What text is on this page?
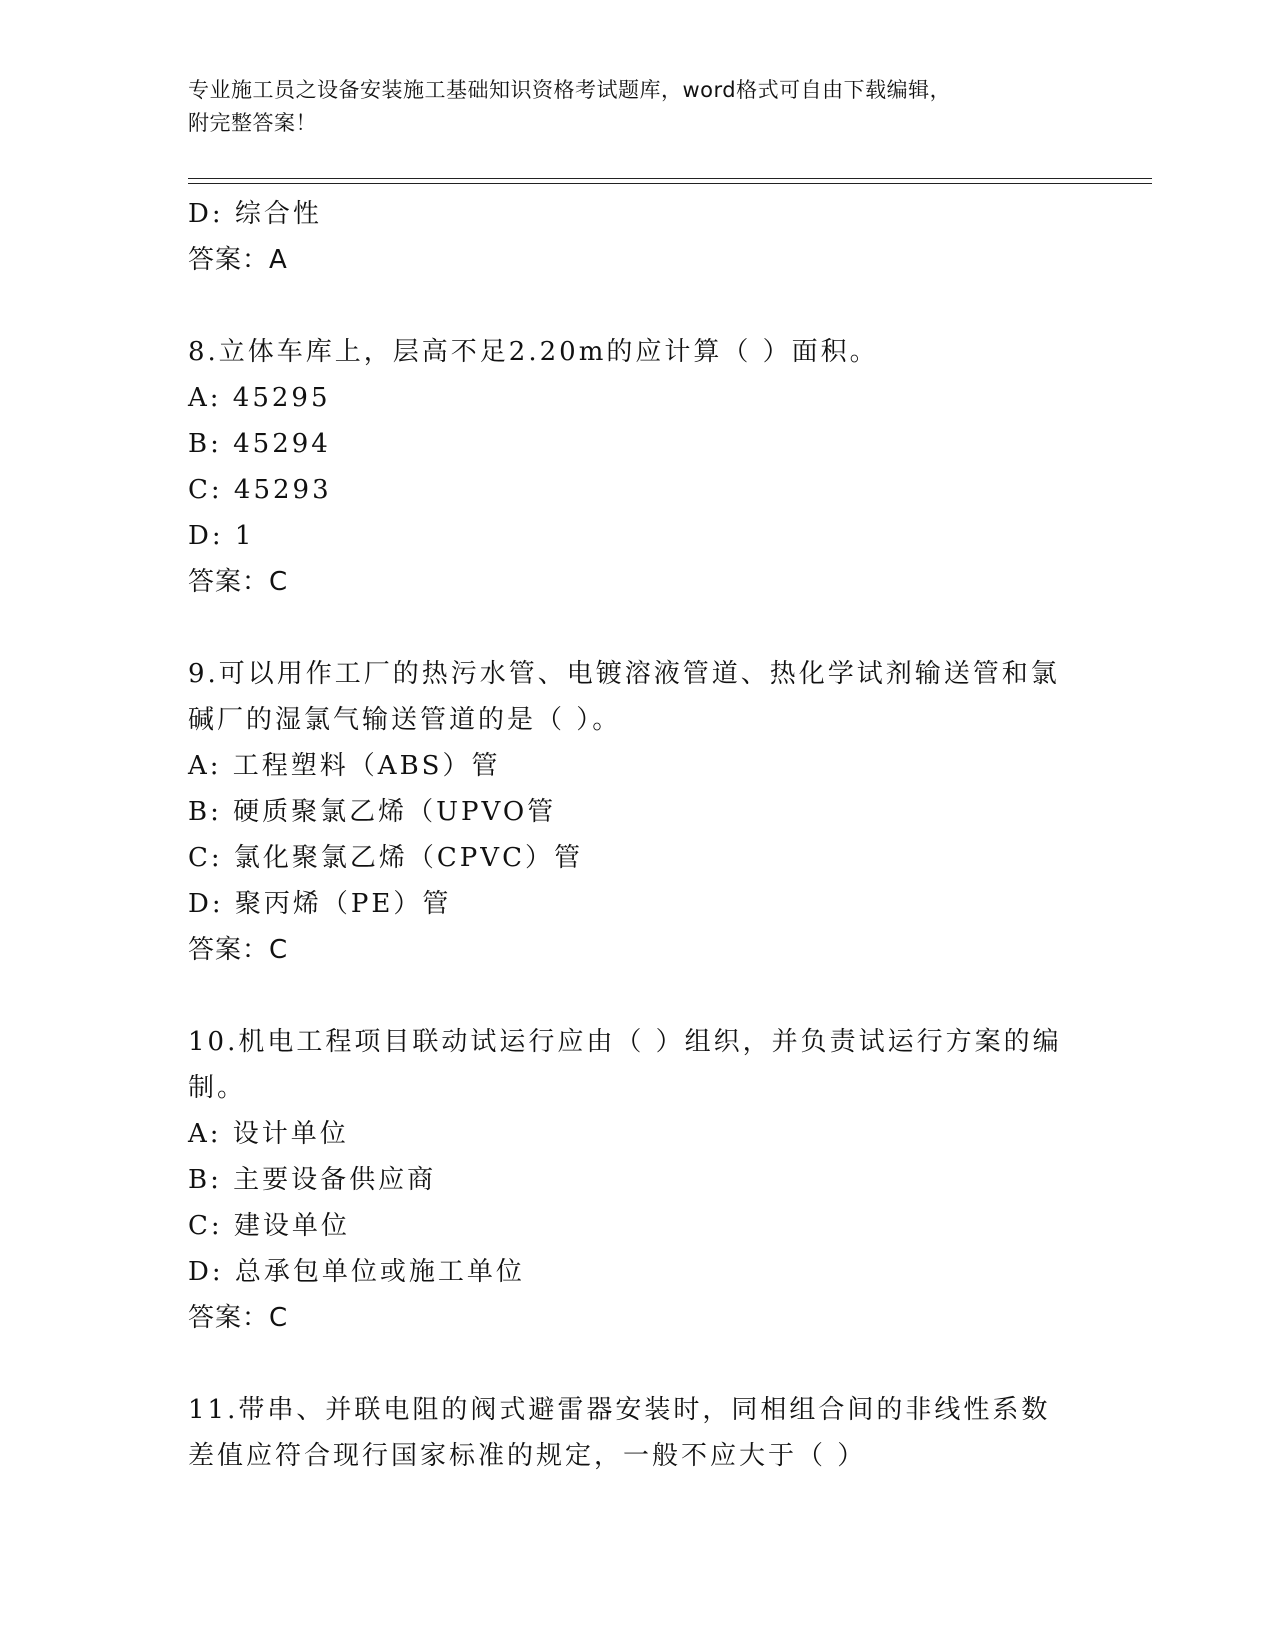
专业施工员之设备安装施工基础知识资格考试题库，word格式可自由下载编辑，
附完整答案！
D: 综合性
答案：A
8.立体车库上，层高不足2.20m的应计算（ ）面积。
A: 45295
B: 45294
C: 45293
D: 1
答案：C
9.可以用作工厂的热污水管、电镀溶液管道、热化学试剂输送管和氯碱厂的湿氯气输送管道的是（ ）。
A: 工程塑料（ABS）管
B: 硬质聚氯乙烯（UPVO管
C: 氯化聚氯乙烯（CPVC）管
D: 聚丙烯（PE）管
答案：C
10.机电工程项目联动试运行应由（ ）组织，并负责试运行方案的编制。
A: 设计单位
B: 主要设备供应商
C: 建设单位
D: 总承包单位或施工单位
答案：C
11.带串、并联电阻的阀式避雷器安装时，同相组合间的非线性系数差值应符合现行国家标准的规定，一般不应大于（ ）
